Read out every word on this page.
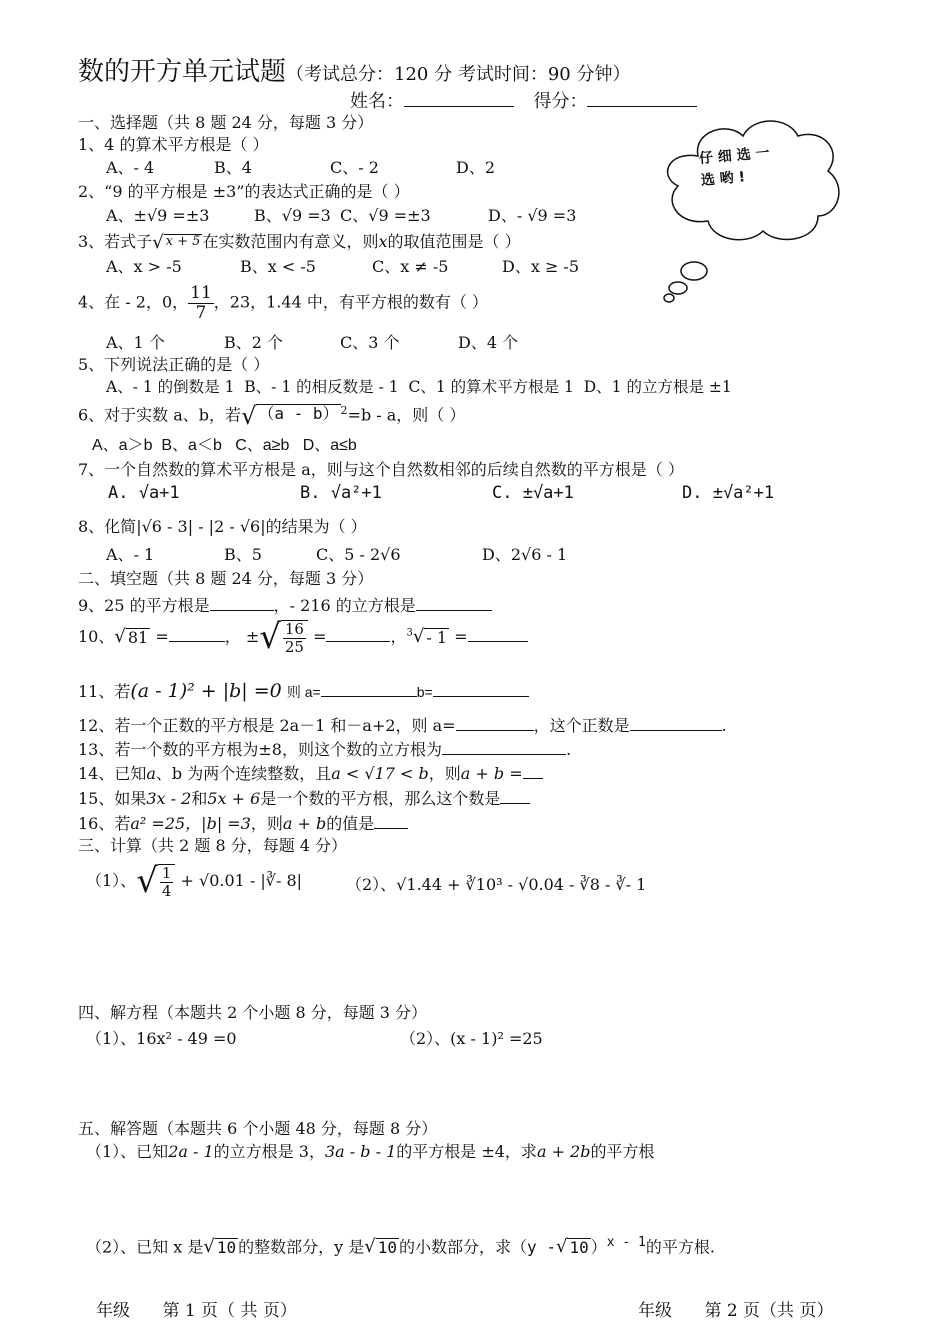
数的开方单元试题（考试总分：120 分 考试时间：90 分钟）
姓名：	得分：
仔 细 选 一
选 哟 !
一、选择题（共 8 题 24 分，每题 3 分）
1、4 的算术平方根是（ ）
A、- 4	B、4	C、- 2	D、2
2、“9 的平方根是 ±3”的表达式正确的是（ ）
A、±√9 =±3	B、√9 =3 C、√9 =±3	D、- √9 =3
3、若式子 √ x + 5 在实数范围内有意义，则x的取值范围是（ ）
A、x > -5	B、x < -5	C、x ≠ -5	D、x ≥ -5
4、在 - 2，0， $\frac{11}{7}$ ，23，1.44 中，有平方根的数有（ ）
A、1 个	B、2 个	C、3 个	D、4 个
5、下列说法正确的是（ ）
A、- 1 的倒数是 1 B、- 1 的相反数是 - 1 C、1 的算术平方根是 1 D、1 的立方根是 ±1
6、对于实数 a、b，若 √ （a - b） $^2$=b - a，则（ ）
A、a＞b B、a＜b C、a≥b D、a≤b
7、一个自然数的算术平方根是 a，则与这个自然数相邻的后续自然数的平方根是（ ）
A. √a+1	B. √a²+1	C. ±√a+1	D. ±√a²+1
8、化简|√6 - 3| - |2 - √6|的结果为（ ）
A、- 1	B、5	C、5 - 2√6	D、2√6 - 1
二、填空题（共 8 题 24 分，每题 3 分）
9、25 的平方根是	，- 216 的立方根是
10、 √ 81 =	， ± √ $\frac{16}{25}$ =	，$^3$ √ - 1 =
11、若(a - 1)² + |b| =0 则 a=	b=
12、若一个正数的平方根是 2a－1 和－a+2，则 a=	，这个正数是	.
13、若一个数的平方根为±8，则这个数的立方根为	.
14、已知a、b 为两个连续整数，且a < √17 < b，则a + b =
15、如果3x - 2和5x + 6是一个数的平方根，那么这个数是
16、若a² =25，|b| =3，则a + b的值是
三、计算（共 2 题 8 分，每题 4 分）
（1）、 √ $\frac{1}{4} + √0.01$ - |∛- 8|	（2）、√1.44 + ∛10³ - √0.04 - ∛8 - ∛- 1
四、解方程（本题共 2 个小题 8 分，每题 3 分）
（1）、16x² - 49 =0	（2）、(x - 1)² =25
五、解答题（本题共 6 个小题 48 分，每题 8 分）
（1）、已知2a - 1的立方根是 3，3a - b - 1的平方根是 ±4，求a + 2b的平方根
（2）、已知 x 是 √ 10 的整数部分，y 是 √ 10 的小数部分，求（y - √ 10 ）$^{x - 1}$的平方根.
年级 第 1 页（ 共 页）	年级 第 2 页（共 页）
